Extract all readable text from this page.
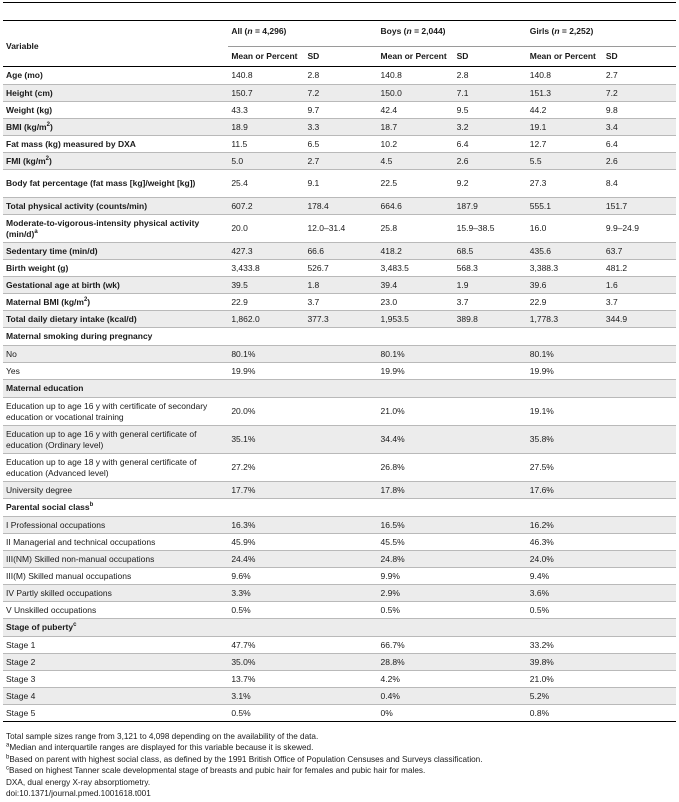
Variable	All (n = 4,296)		Boys (n = 2,044)		Girls (n = 2,252)	
	Mean or Percent	SD	Mean or Percent	SD	Mean or Percent	SD
Age (mo)	140.8	2.8	140.8	2.8	140.8	2.7
Height (cm)	150.7	7.2	150.0	7.1	151.3	7.2
Weight (kg)	43.3	9.7	42.4	9.5	44.2	9.8
BMI $(kg/m^2)$	18.9	3.3	18.7	3.2	19.1	3.4
Fat mass (kg) measured by DXA	11.5	6.5	10.2	6.4	12.7	6.4
FMI $(kg/m^2)$	5.0	2.7	4.5	2.6	5.5	2.6
Body fat percentage (fat mass [kg]/weight [kg])	25.4	9.1	22.5	9.2	27.3	8.4
Total physical activity (counts/min)	607.2	178.4	664.6	187.9	555.1	151.7
Moderate-to-vigorous-intensity physical activity $(\min/d)^a$	20.0	12.0–31.4	25.8	15.9–38.5	16.0	9.9–24.9
Sedentary time (min/d)	427.3	66.6	418.2	68.5	435.6	63.7
Birth weight (g)	3,433.8	526.7	3,483.5	568.3	3,388.3	481.2
Gestational age at birth (wk)	39.5	1.8	39.4	1.9	39.6	1.6
Maternal BMI $(kg/m^2)$	22.9	3.7	23.0	3.7	22.9	3.7
Total daily dietary intake (kcal/d)	1,862.0	377.3	1,953.5	389.8	1,778.3	344.9
Maternal smoking during pregnancy						
No	80.1%		80.1%		80.1%	
Yes	19.9%		19.9%		19.9%	
Maternal education						
Education up to age 16 y with certificate of secondary education or vocational training	20.0%		21.0%		19.1%	
Education up to age 16 y with general certificate of education (Ordinary level)	35.1%		34.4%		35.8%	
Education up to age 18 y with general certificate of education (Advanced level)	27.2%		26.8%		27.5%	
University degree	17.7%		17.8%		17.6%	
Parental social class$^b$
I Professional occupations	16.3%		16.5%		16.2%	
II Managerial and technical occupations	45.9%		45.5%		46.3%	
III(NM) Skilled non-manual occupations	24.4%		24.8%		24.0%	
III(M) Skilled manual occupations	9.6%		9.9%		9.4%	
IV Partly skilled occupations	3.3%		2.9%		3.6%	
V Unskilled occupations	0.5%		0.5%		0.5%	
Stage of puberty$^c$
Stage 1	47.7%		66.7%		33.2%	
Stage 2	35.0%		28.8%		39.8%	
Stage 3	13.7%		4.2%		21.0%	
Stage 4	3.1%		0.4%		5.2%	
Stage 5	0.5%		0%		0.8%	
Total sample sizes range from 3,121 to 4,098 depending on the availability of the data.
$^a$Median and interquartile ranges are displayed for this variable because it is skewed.
$^b$Based on parent with highest social class, as defined by the 1991 British Office of Population Censuses and Surveys classification.
$^c$Based on highest Tanner scale developmental stage of breasts and pubic hair for females and pubic hair for males.
DXA, dual energy X-ray absorptiometry.
doi:10.1371/journal.pmed.1001618.t001
